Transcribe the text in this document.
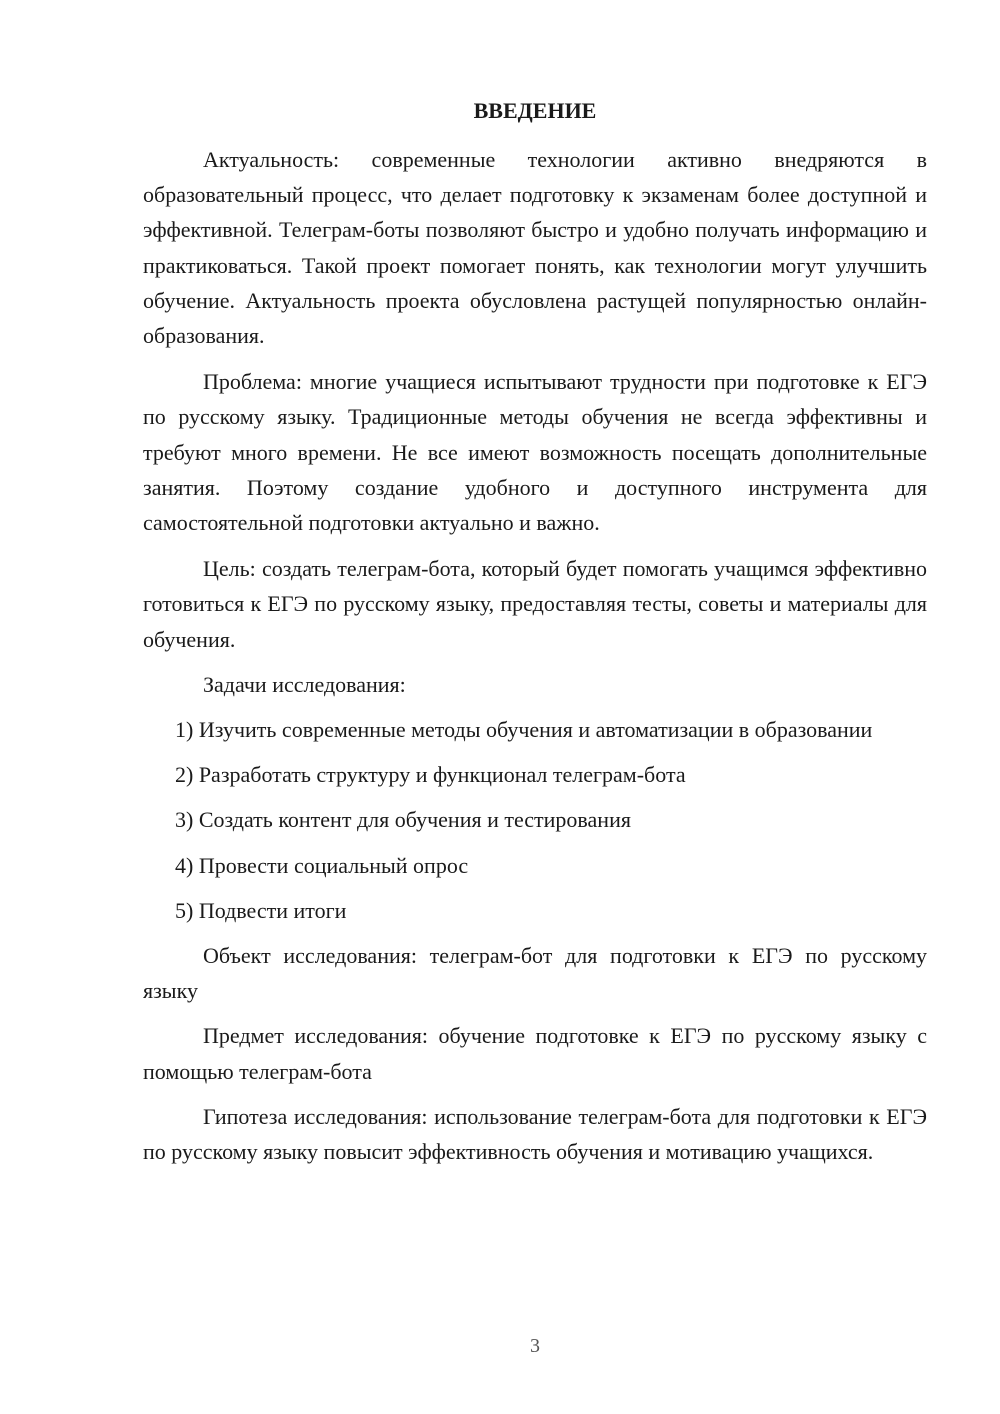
ВВЕДЕНИЕ

Актуальность: современные технологии активно внедряются в образовательный процесс, что делает подготовку к экзаменам более доступной и эффективной. Телеграм-боты позволяют быстро и удобно получать информацию и практиковаться. Такой проект помогает понять, как технологии могут улучшить обучение. Актуальность проекта обусловлена растущей популярностью онлайн-образования.

Проблема: многие учащиеся испытывают трудности при подготовке к ЕГЭ по русскому языку. Традиционные методы обучения не всегда эффективны и требуют много времени. Не все имеют возможность посещать дополнительные занятия. Поэтому создание удобного и доступного инструмента для самостоятельной подготовки актуально и важно.

Цель: создать телеграм-бота, который будет помогать учащимся эффективно готовиться к ЕГЭ по русскому языку, предоставляя тесты, советы и материалы для обучения.

Задачи исследования:

1) Изучить современные методы обучения и автоматизации в образовании

2) Разработать структуру и функционал телеграм-бота

3) Создать контент для обучения и тестирования

4) Провести социальный опрос

5) Подвести итоги

Объект исследования: телеграм-бот для подготовки к ЕГЭ по русскому языку

Предмет исследования: обучение подготовке к ЕГЭ по русскому языку с помощью телеграм-бота

Гипотеза исследования: использование телеграм-бота для подготовки к ЕГЭ по русскому языку повысит эффективность обучения и мотивацию учащихся.

3
